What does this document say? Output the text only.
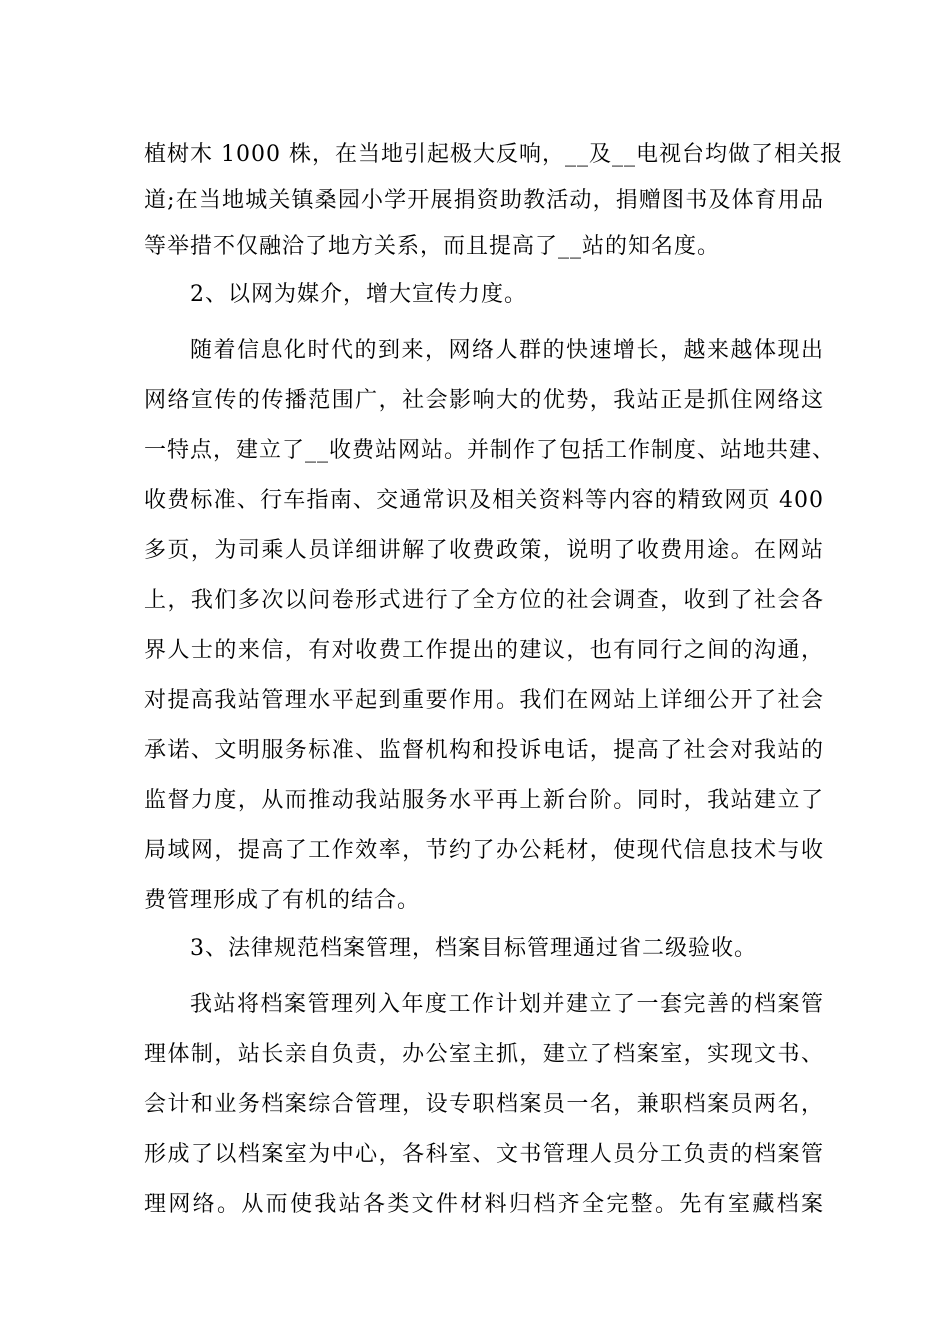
植树木 1000 株，在当地引起极大反响，__及__电视台均做了相关报
道;在当地城关镇桑园小学开展捐资助教活动，捐赠图书及体育用品
等举措不仅融洽了地方关系，而且提高了__站的知名度。
2、以网为媒介，增大宣传力度。
随着信息化时代的到来，网络人群的快速增长，越来越体现出
网络宣传的传播范围广，社会影响大的优势，我站正是抓住网络这
一特点，建立了__收费站网站。并制作了包括工作制度、站地共建、
收费标准、行车指南、交通常识及相关资料等内容的精致网页 400
多页，为司乘人员详细讲解了收费政策，说明了收费用途。在网站
上，我们多次以问卷形式进行了全方位的社会调查，收到了社会各
界人士的来信，有对收费工作提出的建议，也有同行之间的沟通，
对提高我站管理水平起到重要作用。我们在网站上详细公开了社会
承诺、文明服务标准、监督机构和投诉电话，提高了社会对我站的
监督力度，从而推动我站服务水平再上新台阶。同时，我站建立了
局域网，提高了工作效率，节约了办公耗材，使现代信息技术与收
费管理形成了有机的结合。
3、法律规范档案管理，档案目标管理通过省二级验收。
我站将档案管理列入年度工作计划并建立了一套完善的档案管
理体制，站长亲自负责，办公室主抓，建立了档案室，实现文书、
会计和业务档案综合管理，设专职档案员一名，兼职档案员两名，
形成了以档案室为中心，各科室、文书管理人员分工负责的档案管
理网络。从而使我站各类文件材料归档齐全完整。先有室藏档案
